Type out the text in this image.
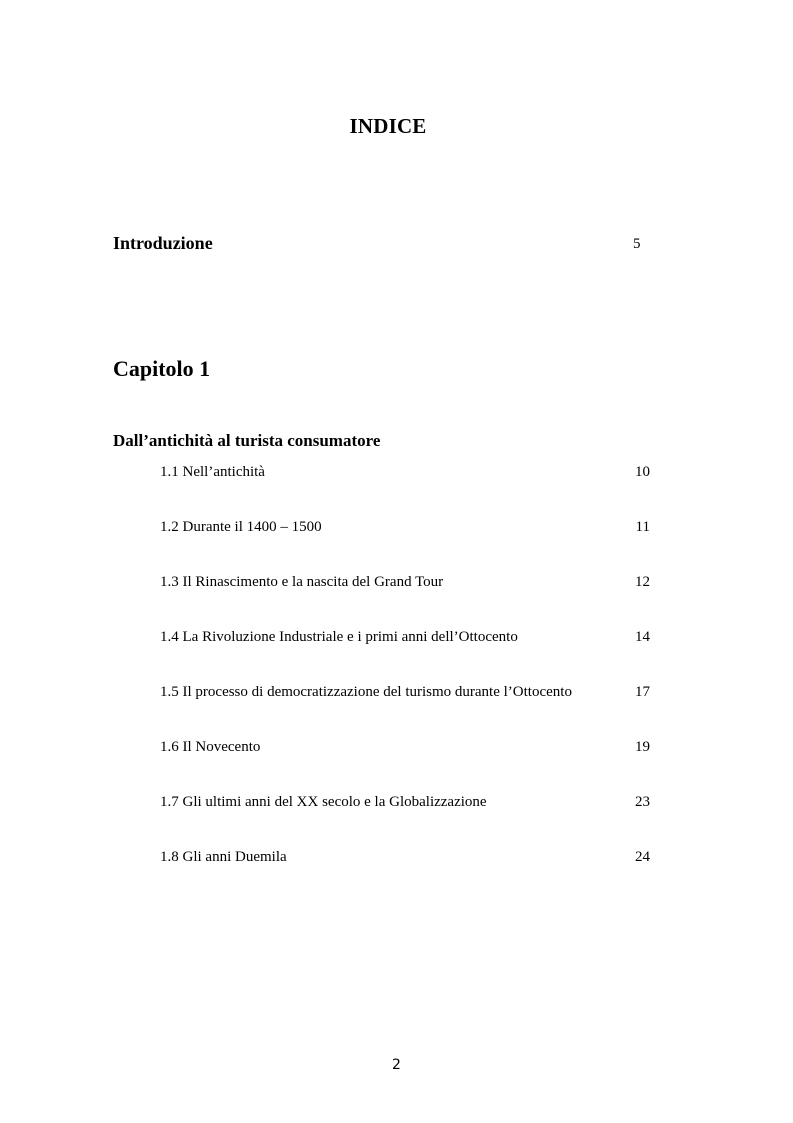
INDICE
Introduzione	5
Capitolo 1
Dall’antichità al turista consumatore
1.1 Nell’antichità	10
1.2 Durante il 1400 – 1500	11
1.3 Il Rinascimento e la nascita del Grand Tour	12
1.4 La Rivoluzione Industriale e i primi anni dell’Ottocento	14
1.5 Il processo di democratizzazione del turismo durante l’Ottocento	17
1.6 Il Novecento	19
1.7 Gli ultimi anni del XX secolo e la Globalizzazione	23
1.8 Gli anni Duemila	24
2
